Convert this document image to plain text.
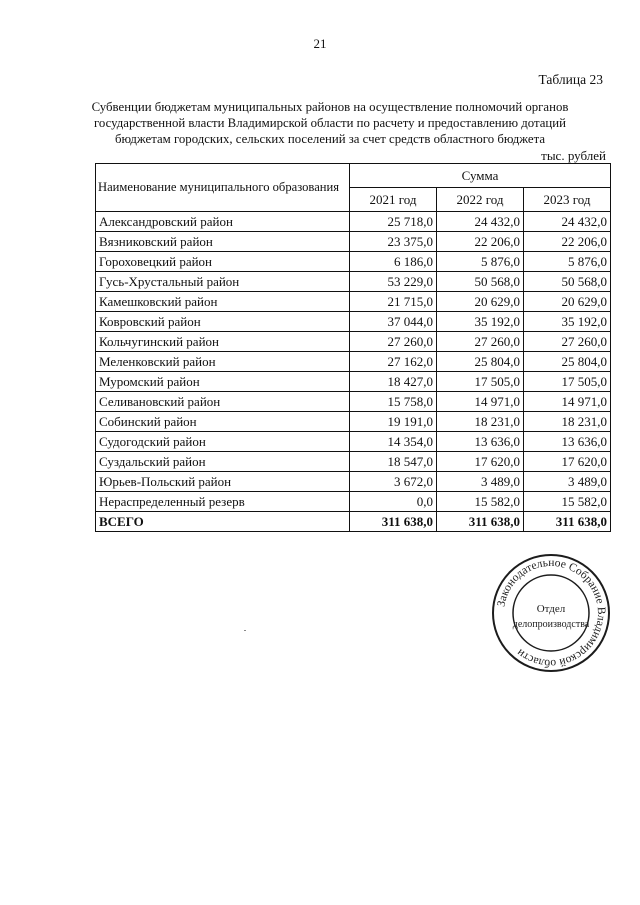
21
Таблица 23
Субвенции бюджетам муниципальных районов на осуществление полномочий органов
государственной власти Владимирской области по расчету и предоставлению дотаций
бюджетам городских, сельских поселений за счет средств областного бюджета
тыс. рублей
Наименование муниципального образования	Сумма		
	2021 год	2022 год	2023 год
Александровский район	25 718,0	24 432,0	24 432,0
Вязниковский район	23 375,0	22 206,0	22 206,0
Гороховецкий район	6 186,0	5 876,0	5 876,0
Гусь-Хрустальный район	53 229,0	50 568,0	50 568,0
Камешковский район	21 715,0	20 629,0	20 629,0
Ковровский район	37 044,0	35 192,0	35 192,0
Кольчугинский район	27 260,0	27 260,0	27 260,0
Меленковский район	27 162,0	25 804,0	25 804,0
Муромский район	18 427,0	17 505,0	17 505,0
Селивановский район	15 758,0	14 971,0	14 971,0
Собинский район	19 191,0	18 231,0	18 231,0
Судогодский район	14 354,0	13 636,0	13 636,0
Суздальский район	18 547,0	17 620,0	17 620,0
Юрьев-Польский район	3 672,0	3 489,0	3 489,0
Нераспределенный резерв	0,0	15 582,0	15 582,0
ВСЕГО	311 638,0	311 638,0	311 638,0
Законодательное Собрание Владимирской области
Отдел
делопроизводства
